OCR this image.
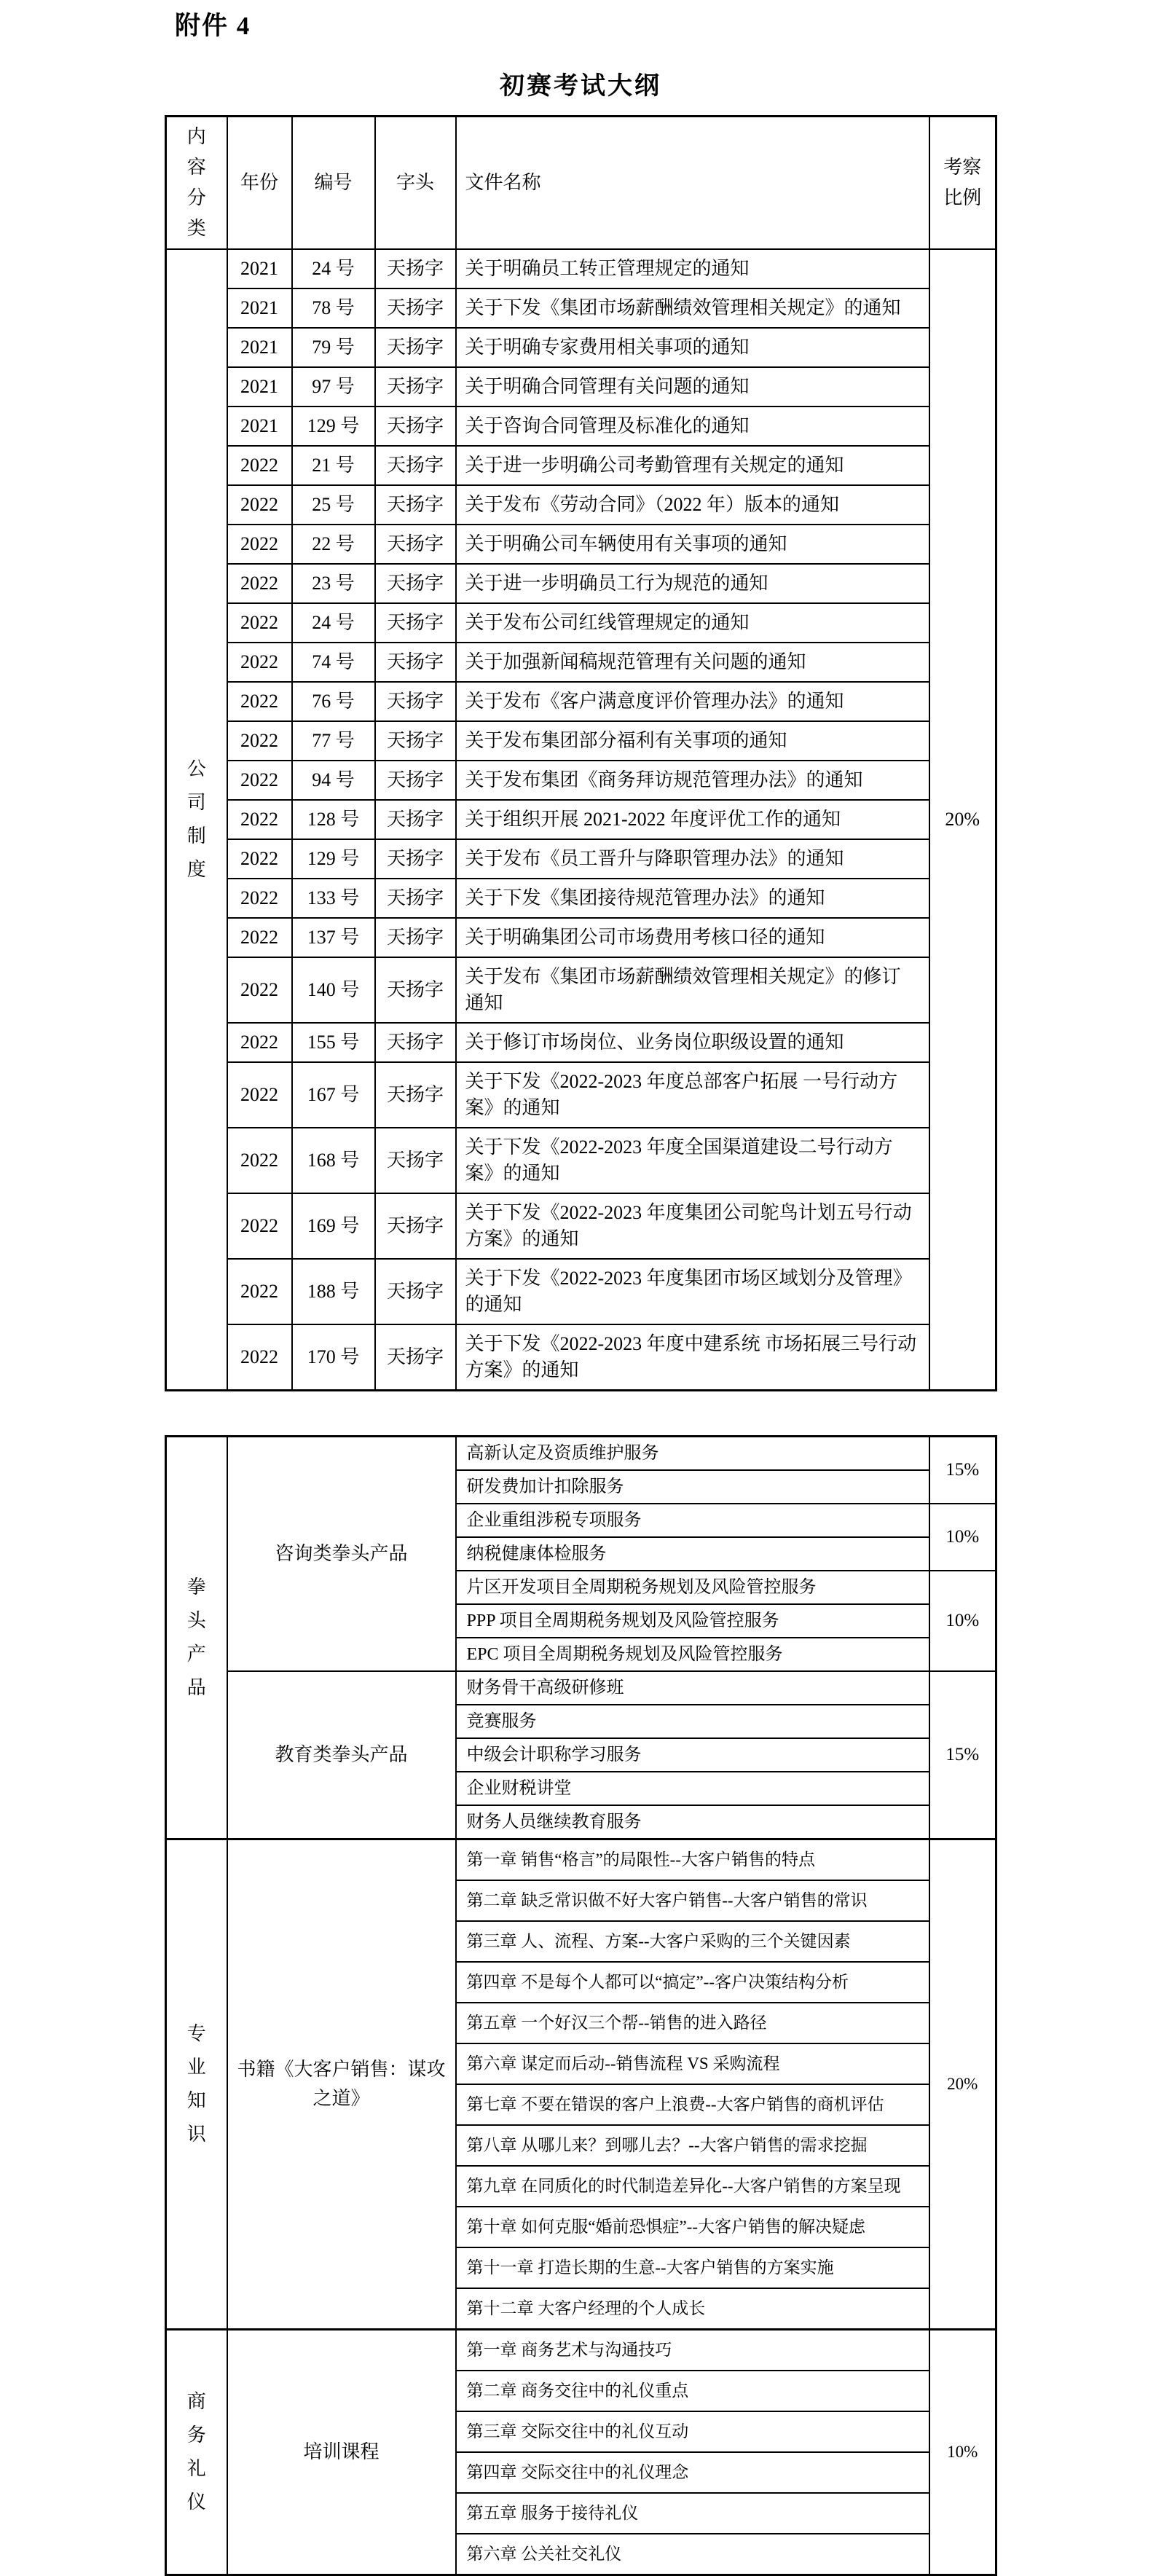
附件 4
初赛考试大纲
内容分类	年份	编号	字头	文件名称	考察比例
公司制度	2021	24 号	天扬字	关于明确员工转正管理规定的通知	20%
	2021	78 号	天扬字	关于下发《集团市场薪酬绩效管理相关规定》的通知	
	2021	79 号	天扬字	关于明确专家费用相关事项的通知	
	2021	97 号	天扬字	关于明确合同管理有关问题的通知	
	2021	129 号	天扬字	关于咨询合同管理及标准化的通知	
	2022	21 号	天扬字	关于进一步明确公司考勤管理有关规定的通知	
	2022	25 号	天扬字	关于发布《劳动合同》（2022 年）版本的通知	
	2022	22 号	天扬字	关于明确公司车辆使用有关事项的通知	
	2022	23 号	天扬字	关于进一步明确员工行为规范的通知	
	2022	24 号	天扬字	关于发布公司红线管理规定的通知	
	2022	74 号	天扬字	关于加强新闻稿规范管理有关问题的通知	
	2022	76 号	天扬字	关于发布《客户满意度评价管理办法》的通知	
	2022	77 号	天扬字	关于发布集团部分福利有关事项的通知	
	2022	94 号	天扬字	关于发布集团《商务拜访规范管理办法》的通知	
	2022	128 号	天扬字	关于组织开展 2021-2022 年度评优工作的通知	
	2022	129 号	天扬字	关于发布《员工晋升与降职管理办法》的通知	
	2022	133 号	天扬字	关于下发《集团接待规范管理办法》的通知	
	2022	137 号	天扬字	关于明确集团公司市场费用考核口径的通知	
	2022	140 号	天扬字	关于发布《集团市场薪酬绩效管理相关规定》的修订通知	
	2022	155 号	天扬字	关于修订市场岗位、业务岗位职级设置的通知	
	2022	167 号	天扬字	关于下发《2022-2023 年度总部客户拓展 一号行动方案》的通知	
	2022	168 号	天扬字	关于下发《2022-2023 年度全国渠道建设二号行动方案》的通知	
	2022	169 号	天扬字	关于下发《2022-2023 年度集团公司鸵鸟计划五号行动方案》的通知	
	2022	188 号	天扬字	关于下发《2022-2023 年度集团市场区域划分及管理》的通知	
	2022	170 号	天扬字	关于下发《2022-2023 年度中建系统 市场拓展三号行动方案》的通知	
拳头产品	咨询类拳头产品	高新认定及资质维护服务	15%
		研发费加计扣除服务	
		企业重组涉税专项服务	10%
		纳税健康体检服务	
		片区开发项目全周期税务规划及风险管控服务	10%
		PPP 项目全周期税务规划及风险管控服务	
		EPC 项目全周期税务规划及风险管控服务	
	教育类拳头产品	财务骨干高级研修班	15%
		竞赛服务	
		中级会计职称学习服务	
		企业财税讲堂	
		财务人员继续教育服务	
专业知识	书籍《大客户销售：谋攻之道》	第一章 销售“格言”的局限性--大客户销售的特点	20%
		第二章 缺乏常识做不好大客户销售--大客户销售的常识	
		第三章 人、流程、方案--大客户采购的三个关键因素	
		第四章 不是每个人都可以“搞定”--客户决策结构分析	
		第五章 一个好汉三个帮--销售的进入路径	
		第六章 谋定而后动--销售流程 VS 采购流程	
		第七章 不要在错误的客户上浪费--大客户销售的商机评估	
		第八章 从哪儿来？到哪儿去？--大客户销售的需求挖掘	
		第九章 在同质化的时代制造差异化--大客户销售的方案呈现	
		第十章 如何克服“婚前恐惧症”--大客户销售的解决疑虑	
		第十一章 打造长期的生意--大客户销售的方案实施	
		第十二章 大客户经理的个人成长	
商务礼仪	培训课程	第一章 商务艺术与沟通技巧	10%
		第二章 商务交往中的礼仪重点	
		第三章 交际交往中的礼仪互动	
		第四章 交际交往中的礼仪理念	
		第五章 服务于接待礼仪	
		第六章 公关社交礼仪	
